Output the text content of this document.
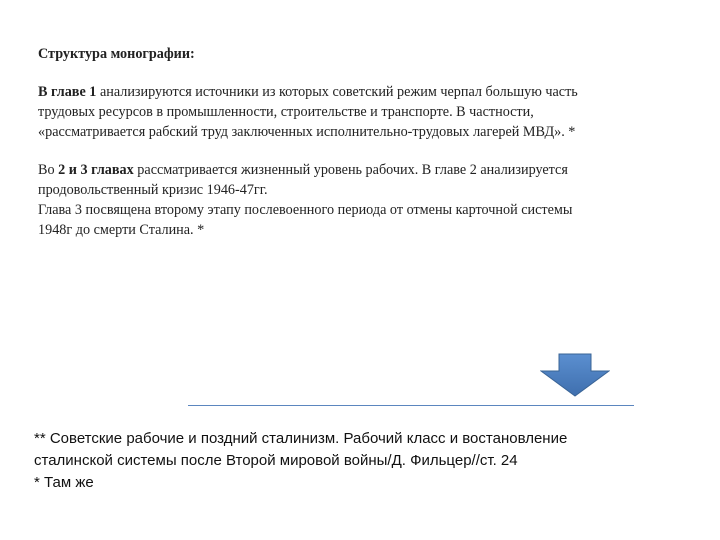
Структура монографии:

В главе 1 анализируются источники из которых советский режим черпал большую часть
трудовых ресурсов в промышленности, строительстве и транспорте. В частности,
«рассматривается рабский труд заключенных исполнительно-трудовых лагерей МВД». *

Во 2 и 3 главах рассматривается жизненный уровень рабочих. В главе 2 анализируется
продовольственный кризис 1946-47гг.
Глава 3 посвящена второму этапу послевоенного периода от отмены карточной системы
1948г до смерти Сталина. *

** Советские рабочие и поздний сталинизм. Рабочий класс и востановление
сталинской системы после Второй мировой войны/Д. Фильцер//ст. 24
* Там же
